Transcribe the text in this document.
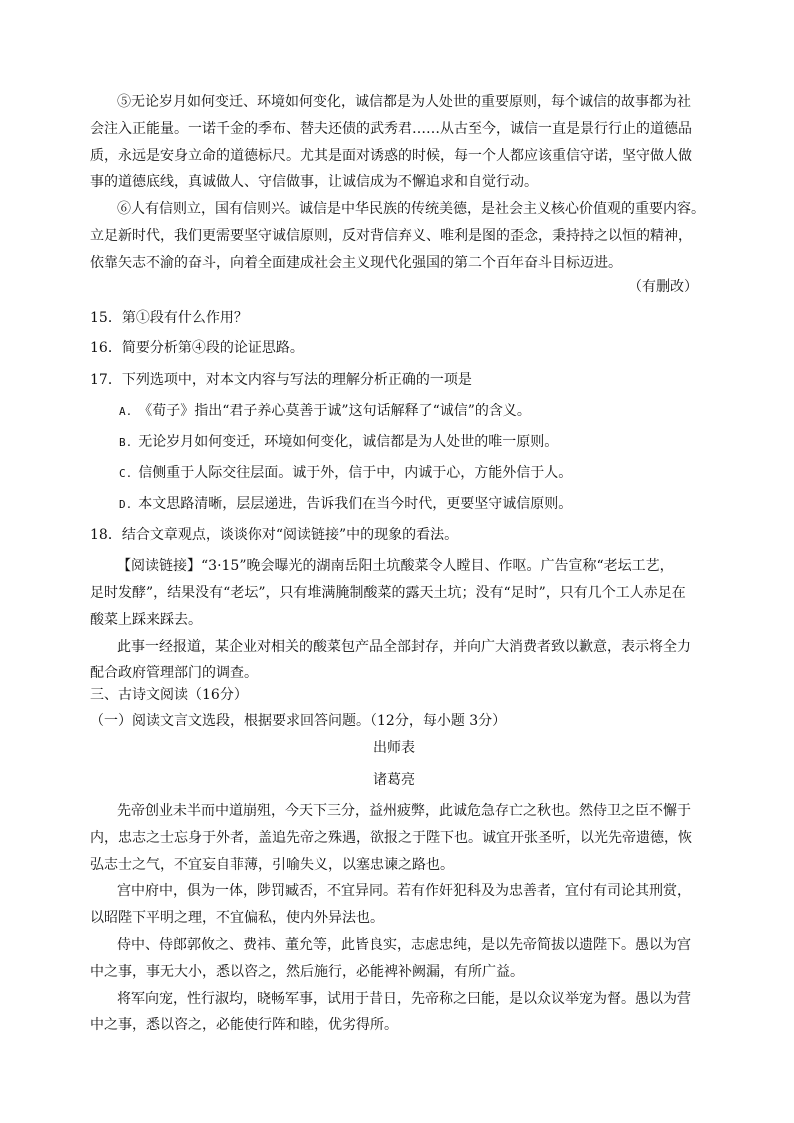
⑤无论岁月如何变迁、环境如何变化，诚信都是为人处世的重要原则，每个诚信的故事都为社
会注入正能量。一诺千金的季布、替夫还债的武秀君……从古至今，诚信一直是景行行止的道德品
质，永远是安身立命的道德标尺。尤其是面对诱惑的时候，每一个人都应该重信守诺，坚守做人做
事的道德底线，真诚做人、守信做事，让诚信成为不懈追求和自觉行动。
⑥人有信则立，国有信则兴。诚信是中华民族的传统美德，是社会主义核心价值观的重要内容。
立足新时代，我们更需要坚守诚信原则，反对背信弃义、唯利是图的歪念，秉持持之以恒的精神，
依靠矢志不渝的奋斗，向着全面建成社会主义现代化强国的第二个百年奋斗目标迈进。
（有删改）
15．第①段有什么作用？
16．简要分析第④段的论证思路。
17．下列选项中，对本文内容与写法的理解分析正确的一项是
A. 《荀子》指出“君子养心莫善于诚”这句话解释了“诚信”的含义。
B. 无论岁月如何变迁，环境如何变化，诚信都是为人处世的唯一原则。
C. 信侧重于人际交往层面。诚于外，信于中，内诚于心，方能外信于人。
D. 本文思路清晰，层层递进，告诉我们在当今时代，更要坚守诚信原则。
18．结合文章观点，谈谈你对“阅读链接”中的现象的看法。
【阅读链接】“3·15”晚会曝光的湖南岳阳土坑酸菜令人瞠目、作呕。广告宣称“老坛工艺，
足时发酵”，结果没有“老坛”，只有堆满腌制酸菜的露天土坑；没有“足时”，只有几个工人赤足在
酸菜上踩来踩去。
此事一经报道，某企业对相关的酸菜包产品全部封存，并向广大消费者致以歉意，表示将全力
配合政府管理部门的调查。
三、古诗文阅读（16分）
（一）阅读文言文选段，根据要求回答问题。（12分，每小题 3分）
出师表
诸葛亮
先帝创业未半而中道崩殂，今天下三分，益州疲弊，此诚危急存亡之秋也。然侍卫之臣不懈于
内，忠志之士忘身于外者，盖追先帝之殊遇，欲报之于陛下也。诚宜开张圣听，以光先帝遗德，恢
弘志士之气，不宜妄自菲薄，引喻失义，以塞忠谏之路也。
宫中府中，俱为一体，陟罚臧否，不宜异同。若有作奸犯科及为忠善者，宜付有司论其刑赏，
以昭陛下平明之理，不宜偏私，使内外异法也。
侍中、侍郎郭攸之、费祎、董允等，此皆良实，志虑忠纯，是以先帝简拔以遗陛下。愚以为宫
中之事，事无大小，悉以咨之，然后施行，必能裨补阙漏，有所广益。
将军向宠，性行淑均，晓畅军事，试用于昔日，先帝称之曰能，是以众议举宠为督。愚以为营
中之事，悉以咨之，必能使行阵和睦，优劣得所。
